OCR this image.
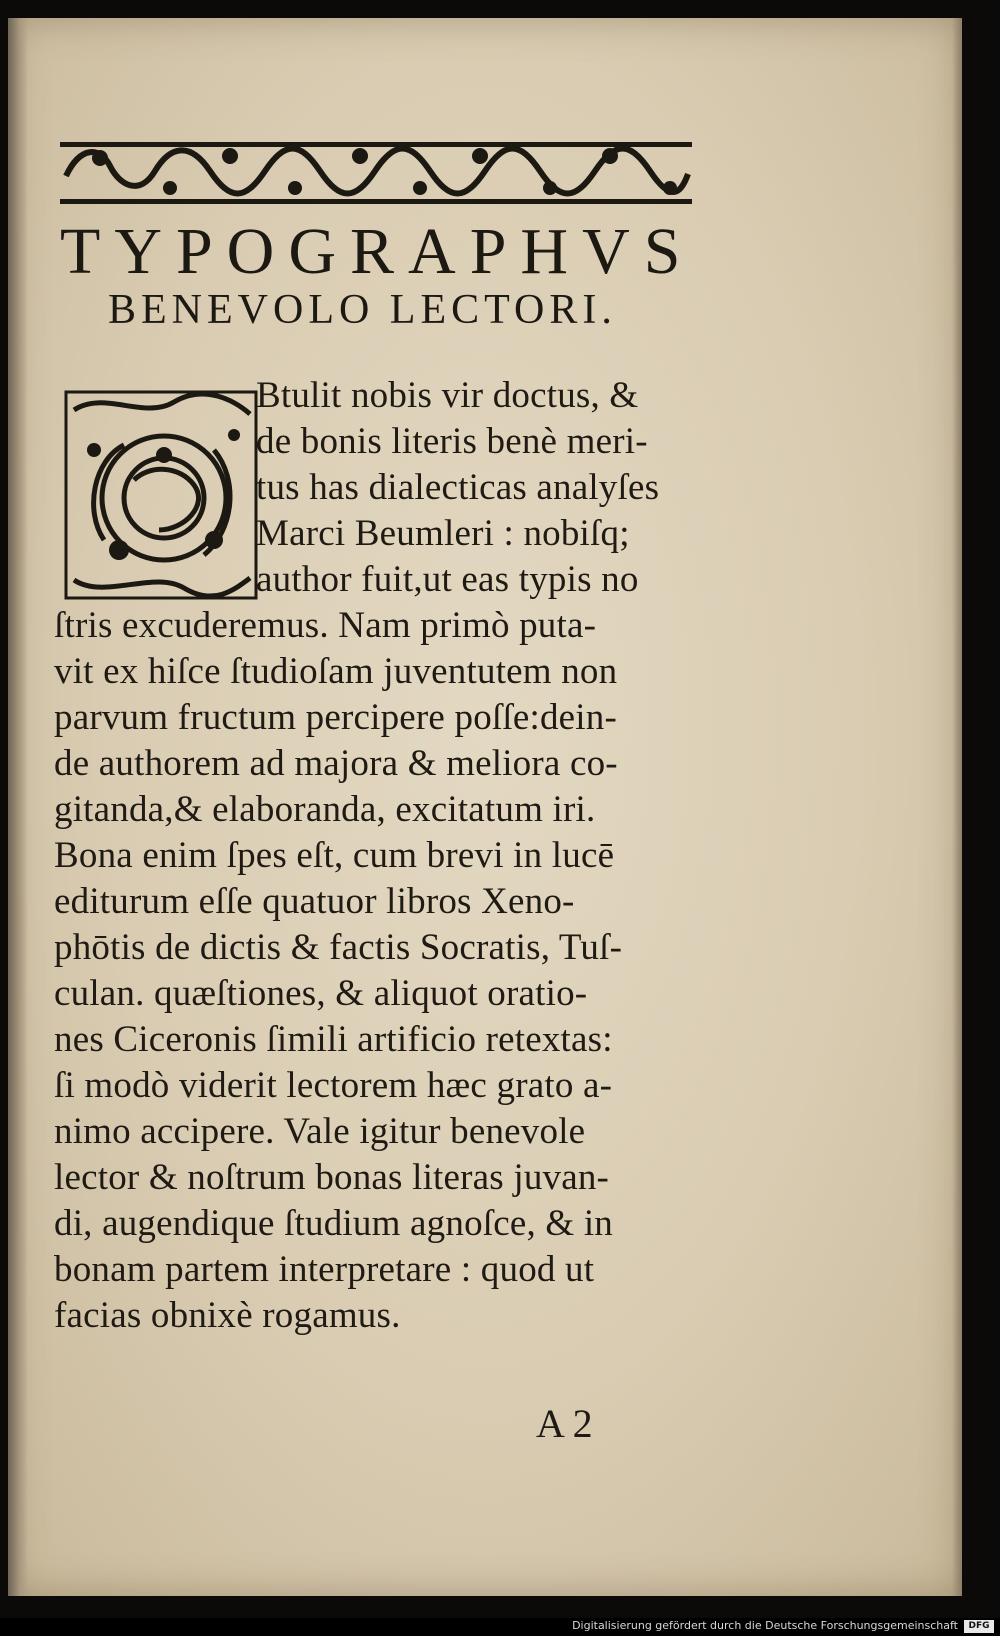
TYPOGRAPHVS
BENEVOLO LECTORI.
Btulit nobis vir doctus, &
de bonis literis benè meri-
tus has dialecticas analyſes
Marci Beumleri : nobiſq;
author fuit,ut eas typis no
ſtris excuderemus. Nam primò puta-
vit ex hiſce ſtudioſam juventutem non
parvum fructum percipere poſſe:dein-
de authorem ad majora & meliora co-
gitanda,& elaboranda, excitatum iri.
Bona enim ſpes eſt, cum brevi in lucē
editurum eſſe quatuor libros Xeno-
phōtis de dictis & factis Socratis, Tuſ-
culan. quæſtiones, & aliquot oratio-
nes Ciceronis ſimili artificio retextas:
ſi modò viderit lectorem hæc grato a-
nimo accipere. Vale igitur benevole
lector & noſtrum bonas literas juvan-
di, augendique ſtudium agnoſce, & in
bonam partem interpretare : quod ut
facias obnixè rogamus.
A 2
Digitalisierung gefördert durch die Deutsche Forschungsgemeinschaft	DFG
